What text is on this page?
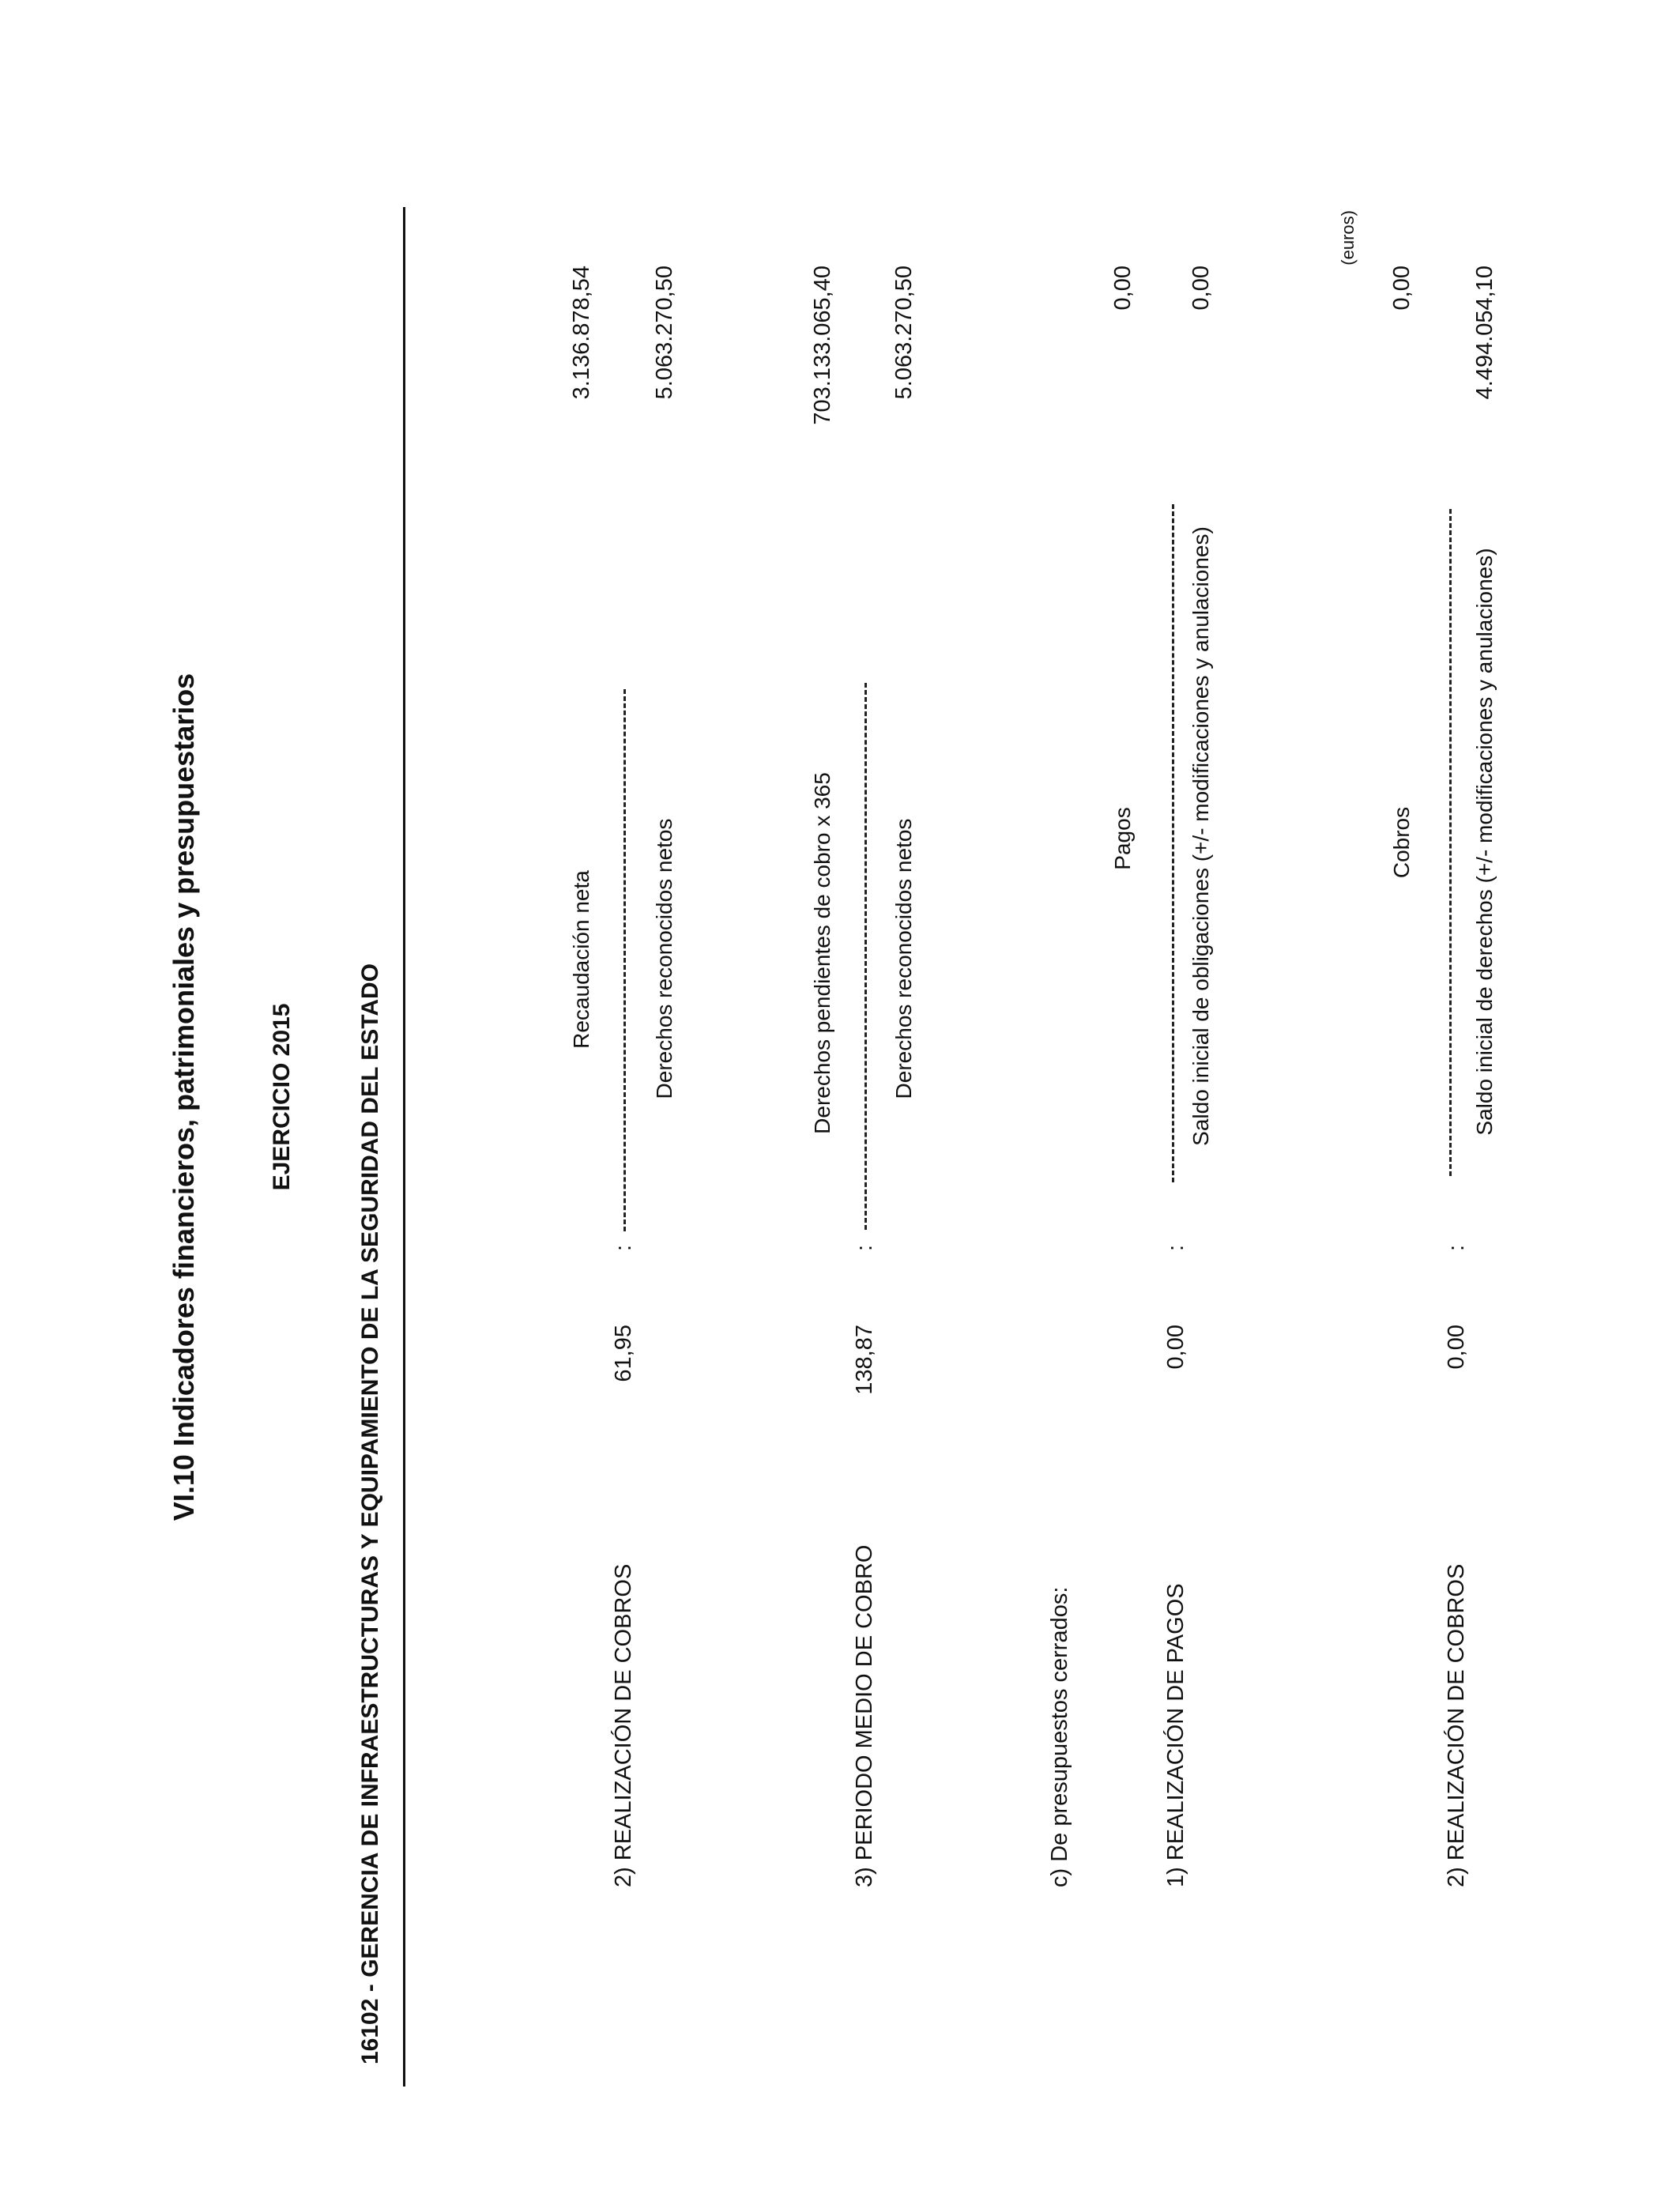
VI.10 Indicadores financieros, patrimoniales y presupuestarios	EJERCICIO 2015	16102 - GERENCIA DE INFRAESTRUCTURAS Y EQUIPAMIENTO DE LA SEGURIDAD DEL ESTADO
(euros)
2) REALIZACIÓN DE COBROS
61,95
:
Recaudación neta	Derechos reconocidos netos
3.136.878,54	5.063.270,50
3) PERIODO MEDIO DE COBRO
138,87
:
Derechos pendientes de cobro x 365	Derechos reconocidos netos
703.133.065,40 5.063.270,50
c) De presupuestos cerrados:	1) REALIZACIÓN DE PAGOS
0,00
:
Pagos Saldo inicial de obligaciones (+/- modificaciones y anulaciones)
0,00 0,00
2) REALIZACIÓN DE COBROS
0,00
:
Cobros	Saldo inicial de derechos (+/- modificaciones y anulaciones)
0,00	4.494.054,10
